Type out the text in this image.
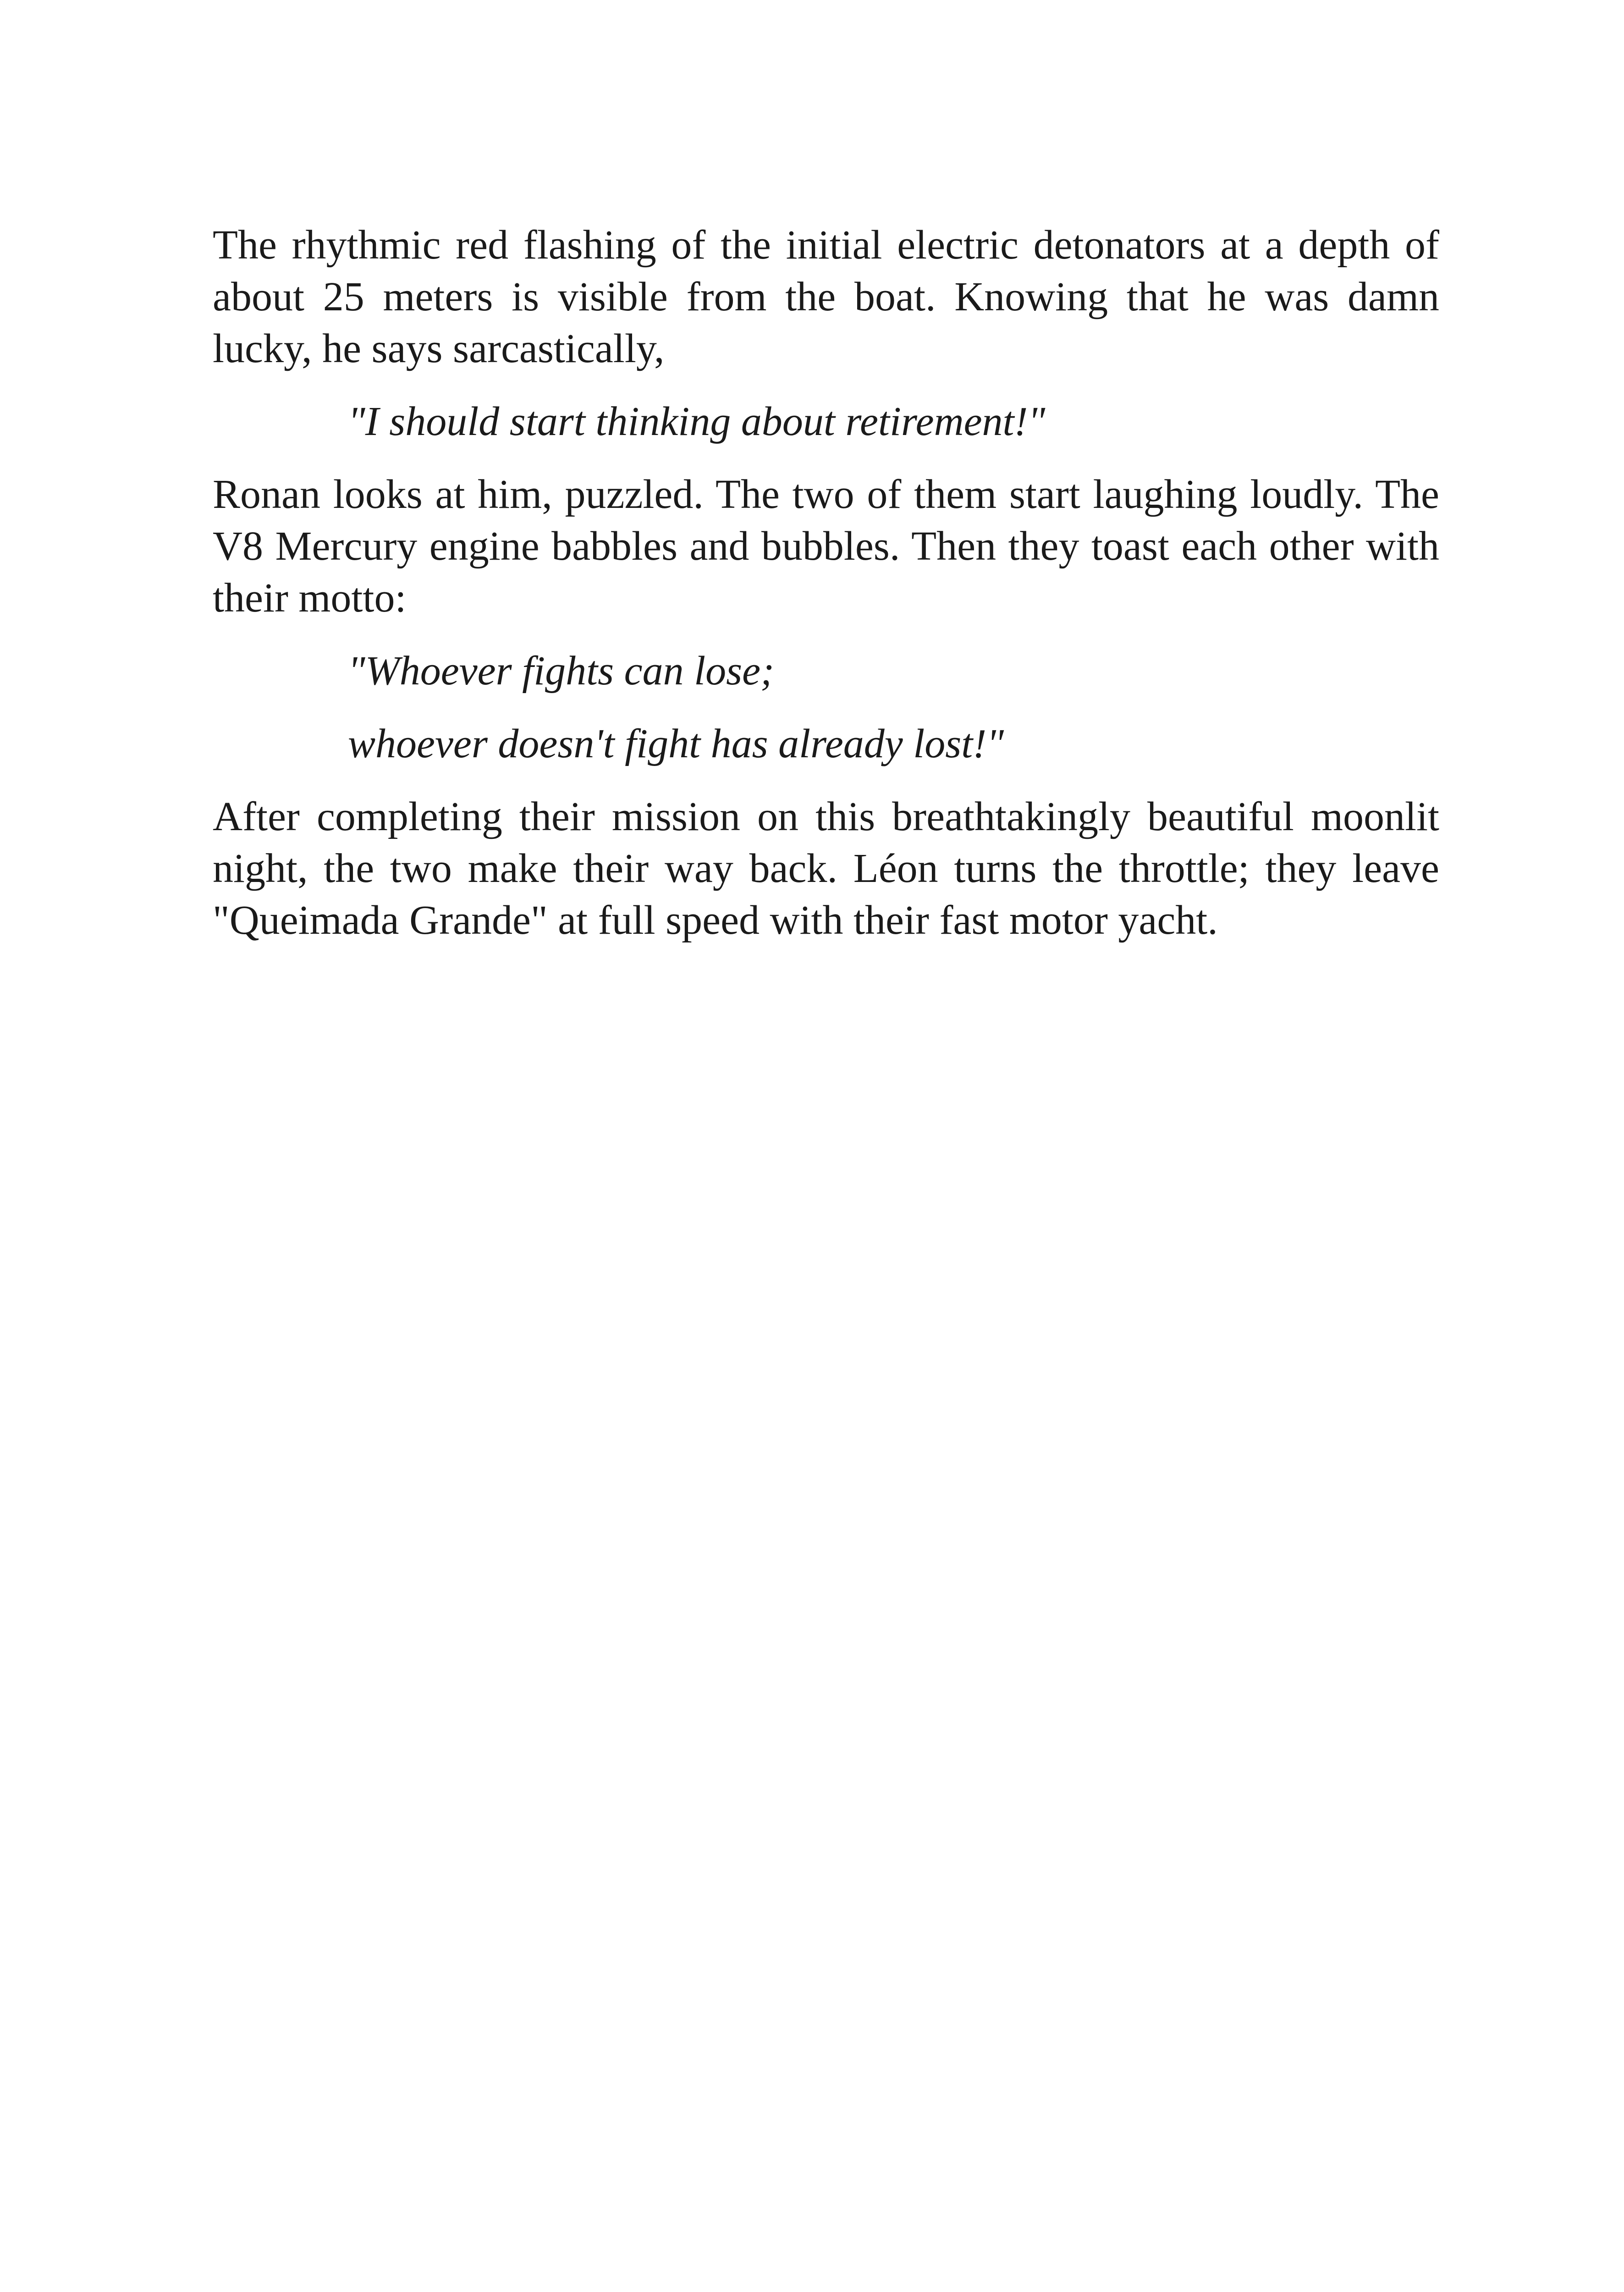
The rhythmic red flashing of the initial electric detonators at a depth of about 25 meters is visible from the boat. Knowing that he was damn lucky, he says sarcastically,

"I should start thinking about retirement!"

Ronan looks at him, puzzled. The two of them start laughing loudly. The V8 Mercury engine babbles and bubbles. Then they toast each other with their motto:

"Whoever fights can lose;

whoever doesn't fight has already lost!"

After completing their mission on this breathtakingly beautiful moonlit night, the two make their way back. Léon turns the throttle; they leave "Queimada Grande" at full speed with their fast motor yacht.
